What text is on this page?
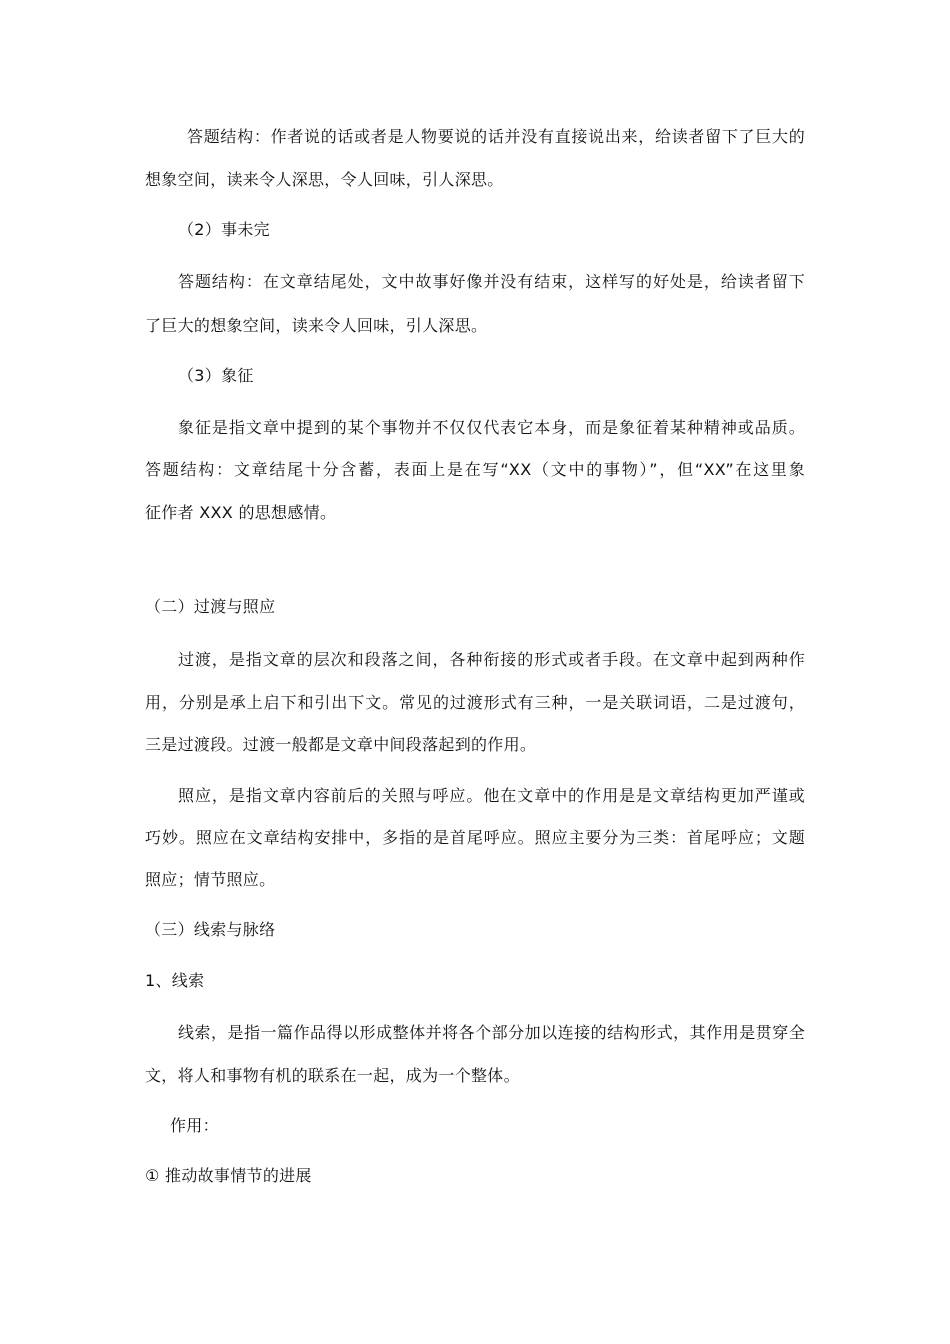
答题结构：作者说的话或者是人物要说的话并没有直接说出来，给读者留下了巨大的
想象空间，读来令人深思，令人回味，引人深思。
（2）事未完
答题结构：在文章结尾处，文中故事好像并没有结束，这样写的好处是，给读者留下
了巨大的想象空间，读来令人回味，引人深思。
（3）象征
象征是指文章中提到的某个事物并不仅仅代表它本身，而是象征着某种精神或品质。
答题结构：文章结尾十分含蓄，表面上是在写“XX（文中的事物）”，但“XX”在这里象
征作者 XXX 的思想感情。
（二）过渡与照应
过渡，是指文章的层次和段落之间，各种衔接的形式或者手段。在文章中起到两种作
用，分别是承上启下和引出下文。常见的过渡形式有三种，一是关联词语，二是过渡句，
三是过渡段。过渡一般都是文章中间段落起到的作用。
照应，是指文章内容前后的关照与呼应。他在文章中的作用是是文章结构更加严谨或
巧妙。照应在文章结构安排中，多指的是首尾呼应。照应主要分为三类：首尾呼应；文题
照应；情节照应。
（三）线索与脉络
1、线索
线索，是指一篇作品得以形成整体并将各个部分加以连接的结构形式，其作用是贯穿全
文，将人和事物有机的联系在一起，成为一个整体。
作用：
① 推动故事情节的进展
